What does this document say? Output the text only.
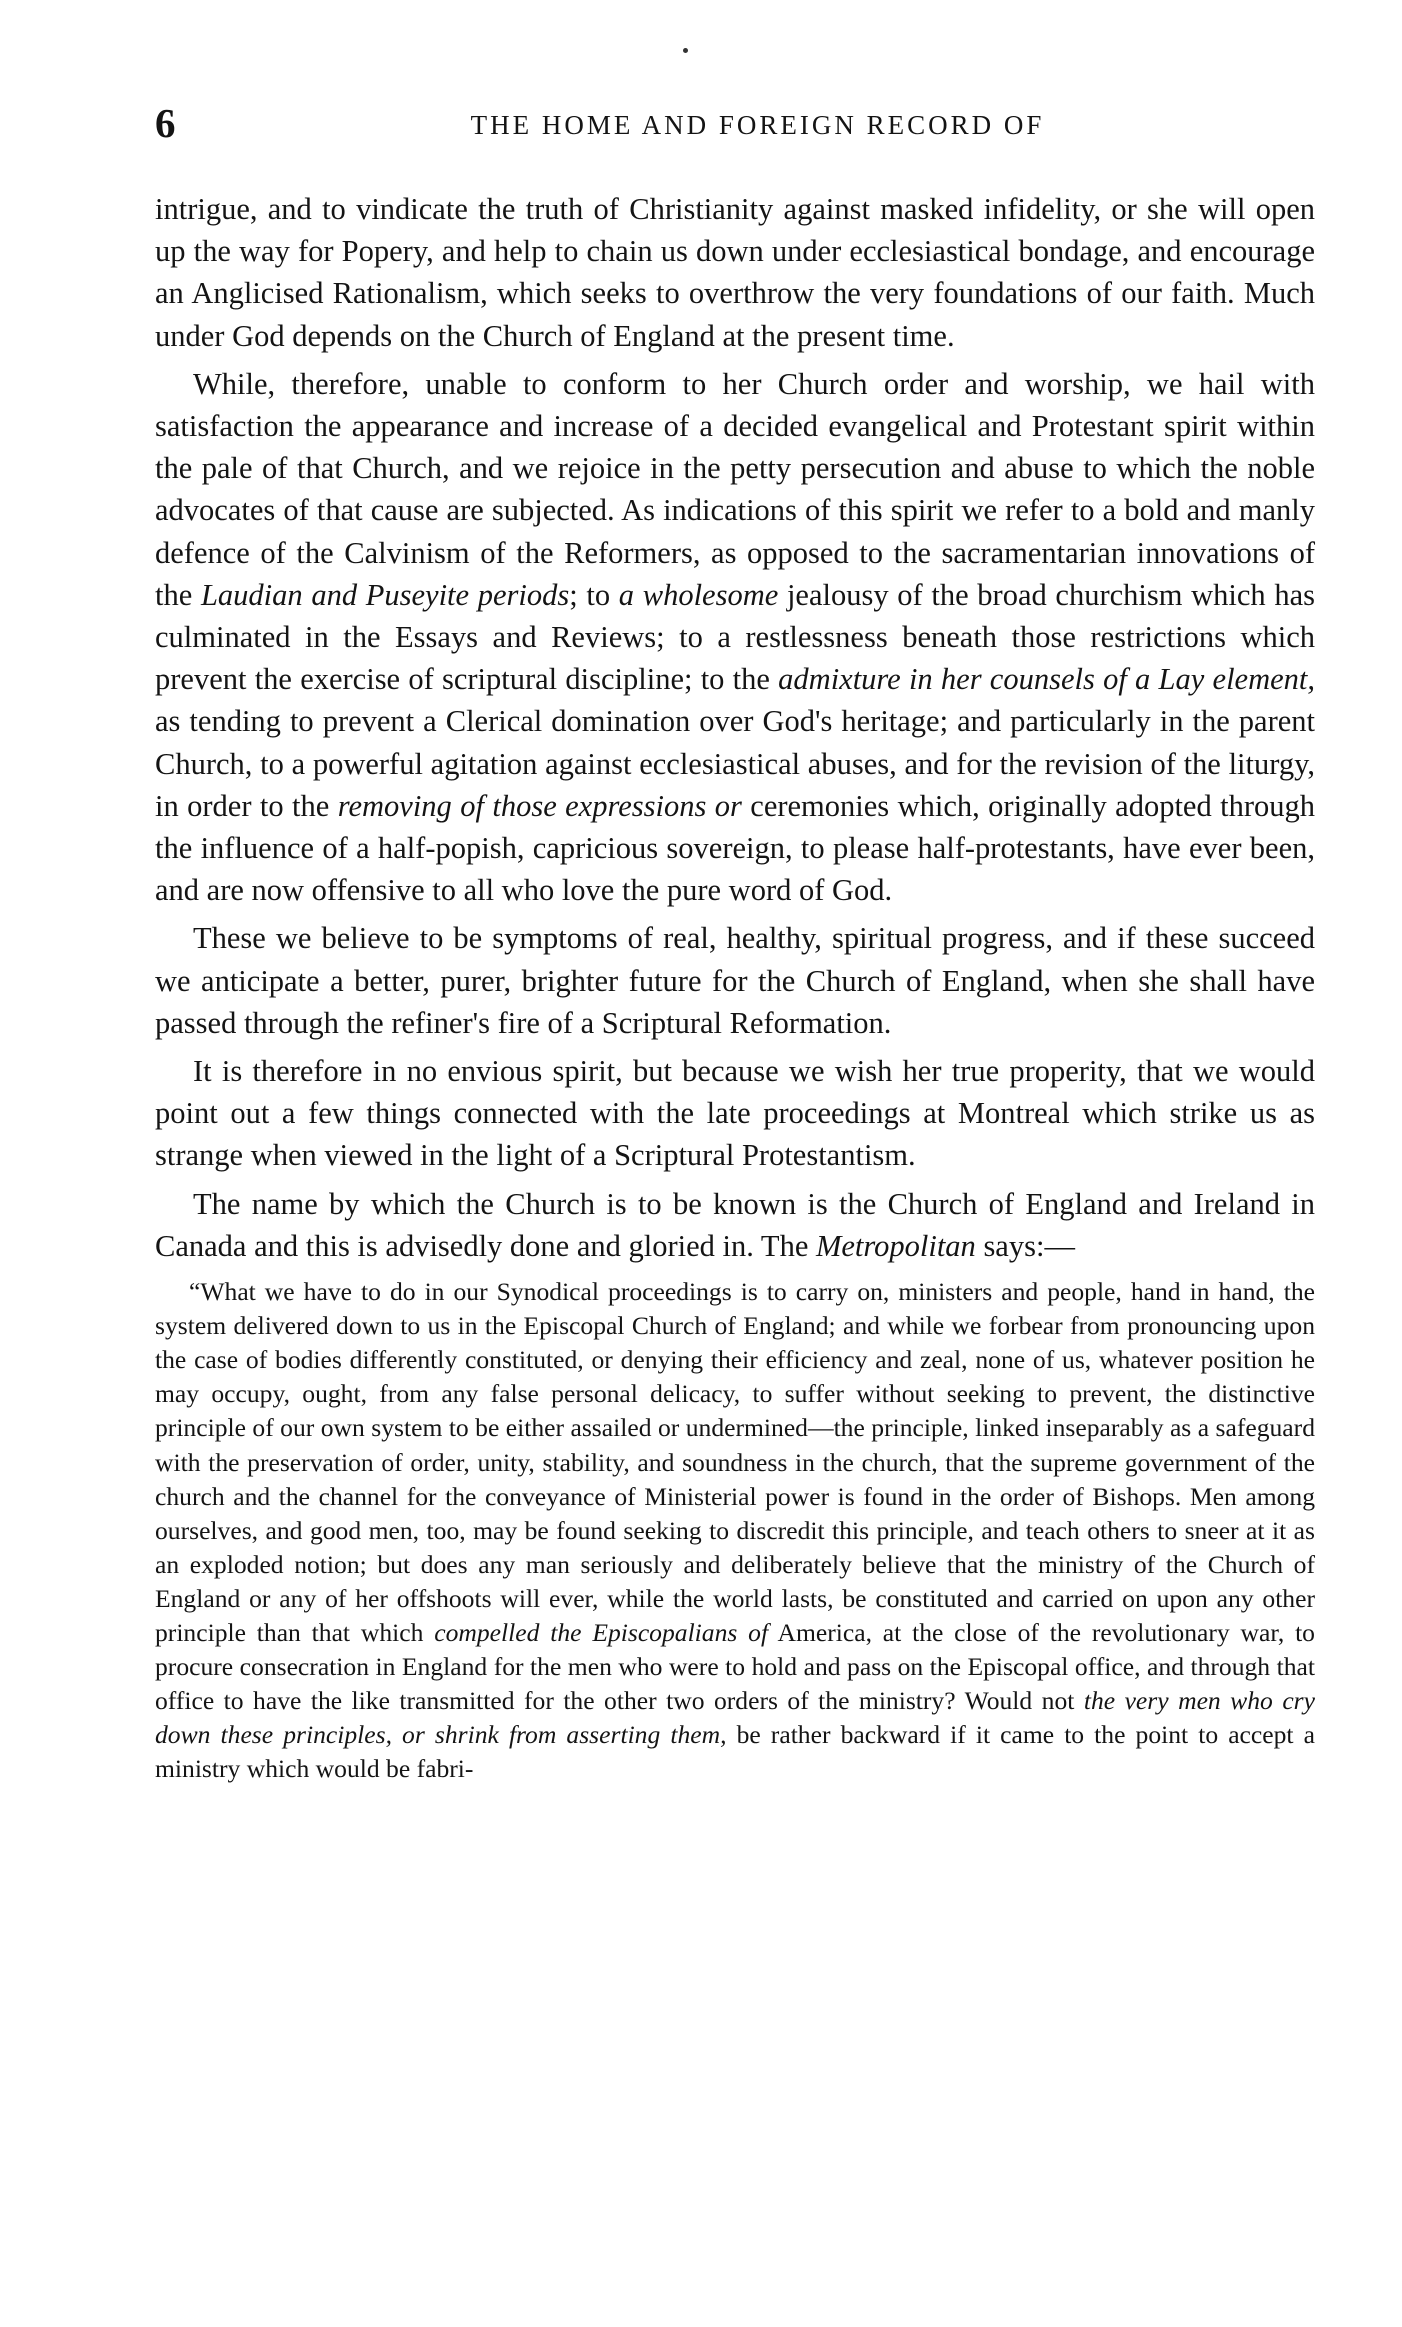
6	THE HOME AND FOREIGN RECORD OF

intrigue, and to vindicate the truth of Christianity against masked infidelity, or she will open up the way for Popery, and help to chain us down under ecclesiastical bondage, and encourage an Anglicised Rationalism, which seeks to overthrow the very foundations of our faith. Much under God depends on the Church of England at the present time.

While, therefore, unable to conform to her Church order and worship, we hail with satisfaction the appearance and increase of a decided evangelical and Protestant spirit within the pale of that Church, and we rejoice in the petty persecution and abuse to which the noble advocates of that cause are subjected. As indications of this spirit we refer to a bold and manly defence of the Calvinism of the Reformers, as opposed to the sacramentarian innovations of the Laudian and Puseyite periods; to a wholesome jealousy of the broad churchism which has culminated in the Essays and Reviews; to a restlessness beneath those restrictions which prevent the exercise of scriptural discipline; to the admixture in her counsels of a Lay element, as tending to prevent a Clerical domination over God's heritage; and particularly in the parent Church, to a powerful agitation against ecclesiastical abuses, and for the revision of the liturgy, in order to the removing of those expressions or ceremonies which, originally adopted through the influence of a half-popish, capricious sovereign, to please half-protestants, have ever been, and are now offensive to all who love the pure word of God.

These we believe to be symptoms of real, healthy, spiritual progress, and if these succeed we anticipate a better, purer, brighter future for the Church of England, when she shall have passed through the refiner's fire of a Scriptural Reformation.

It is therefore in no envious spirit, but because we wish her true properity, that we would point out a few things connected with the late proceedings at Montreal which strike us as strange when viewed in the light of a Scriptural Protestantism.

The name by which the Church is to be known is the Church of England and Ireland in Canada and this is advisedly done and gloried in. The Metropolitan says:—

“What we have to do in our Synodical proceedings is to carry on, ministers and people, hand in hand, the system delivered down to us in the Episcopal Church of England; and while we forbear from pronouncing upon the case of bodies differently constituted, or denying their efficiency and zeal, none of us, whatever position he may occupy, ought, from any false personal delicacy, to suffer without seeking to prevent, the distinctive principle of our own system to be either assailed or undermined—the principle, linked inseparably as a safeguard with the preservation of order, unity, stability, and soundness in the church, that the supreme government of the church and the channel for the conveyance of Ministerial power is found in the order of Bishops. Men among ourselves, and good men, too, may be found seeking to discredit this principle, and teach others to sneer at it as an exploded notion; but does any man seriously and deliberately believe that the ministry of the Church of England or any of her offshoots will ever, while the world lasts, be constituted and carried on upon any other principle than that which compelled the Episcopalians of America, at the close of the revolutionary war, to procure consecration in England for the men who were to hold and pass on the Episcopal office, and through that office to have the like transmitted for the other two orders of the ministry? Would not the very men who cry down these principles, or shrink from asserting them, be rather backward if it came to the point to accept a ministry which would be fabri-
